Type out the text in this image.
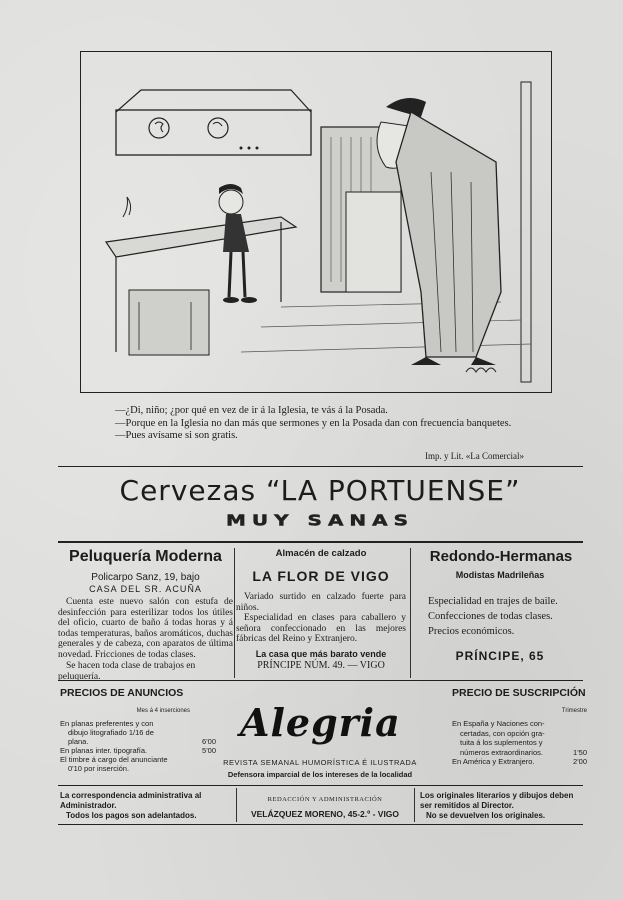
—¿Di, niño; ¿por qué en vez de ir á la Iglesia, te vás á la Posada.
—Porque en la Iglesia no dan más que sermones y en la Posada dan con frecuencia banquetes.
—Pues avísame si son gratis.
Imp. y Lit. «La Comercial»
Cervezas “LA PORTUENSE”
MUY SANAS
Peluquería Moderna
Policarpo Sanz, 19, bajo
CASA DEL SR. ACUÑA
Cuenta este nuevo salón con estufa de desinfección para esterilizar todos los útiles del oficio, cuarto de baño á todas horas y á todas temperaturas, baños aromáticos, duchas generales y de cabeza, con aparatos de última novedad. Fricciones de todas clases.
Se hacen toda clase de trabajos en peluquería.
Almacén de calzado
LA FLOR DE VIGO
Variado surtido en calzado fuerte para niños.
Especialidad en clases para caballero y señora confeccionado en las mejores fábricas del Reino y Extranjero.
La casa que más barato vende
PRÍNCIPE NÚM. 49. — VIGO
Redondo-Hermanas
Modistas Madrileñas
Especialidad en trajes de baile.
Confecciones de todas clases.
Precios económicos.
PRÍNCIPE, 65
PRECIOS DE ANUNCIOS
Mes á 4 inserciones
En planas preferentes y con
dibujo litografiado 1/16 de
plana.	6'00
En planas inter. tipografía.	5'00
El timbre á cargo del anunciante
0'10 por inserción.
Alegria
REVISTA SEMANAL HUMORÍSTICA É ILUSTRADA
Defensora imparcial de los intereses de la localidad
PRECIO DE SUSCRIPCIÓN
Trimestre
En España y Naciones con-
certadas, con opción gra-
tuita á los suplementos y
números extraordinarios.	1'50
En América y Extranjero.	2'00
La correspondencia administrativa al Administrador.
Todos los pagos son adelantados.
REDACCIÓN Y ADMINISTRACIÓN
VELÁZQUEZ MORENO, 45-2.º - VIGO
Los originales literarios y dibujos deben ser remitidos al Director.
No se devuelven los originales.
